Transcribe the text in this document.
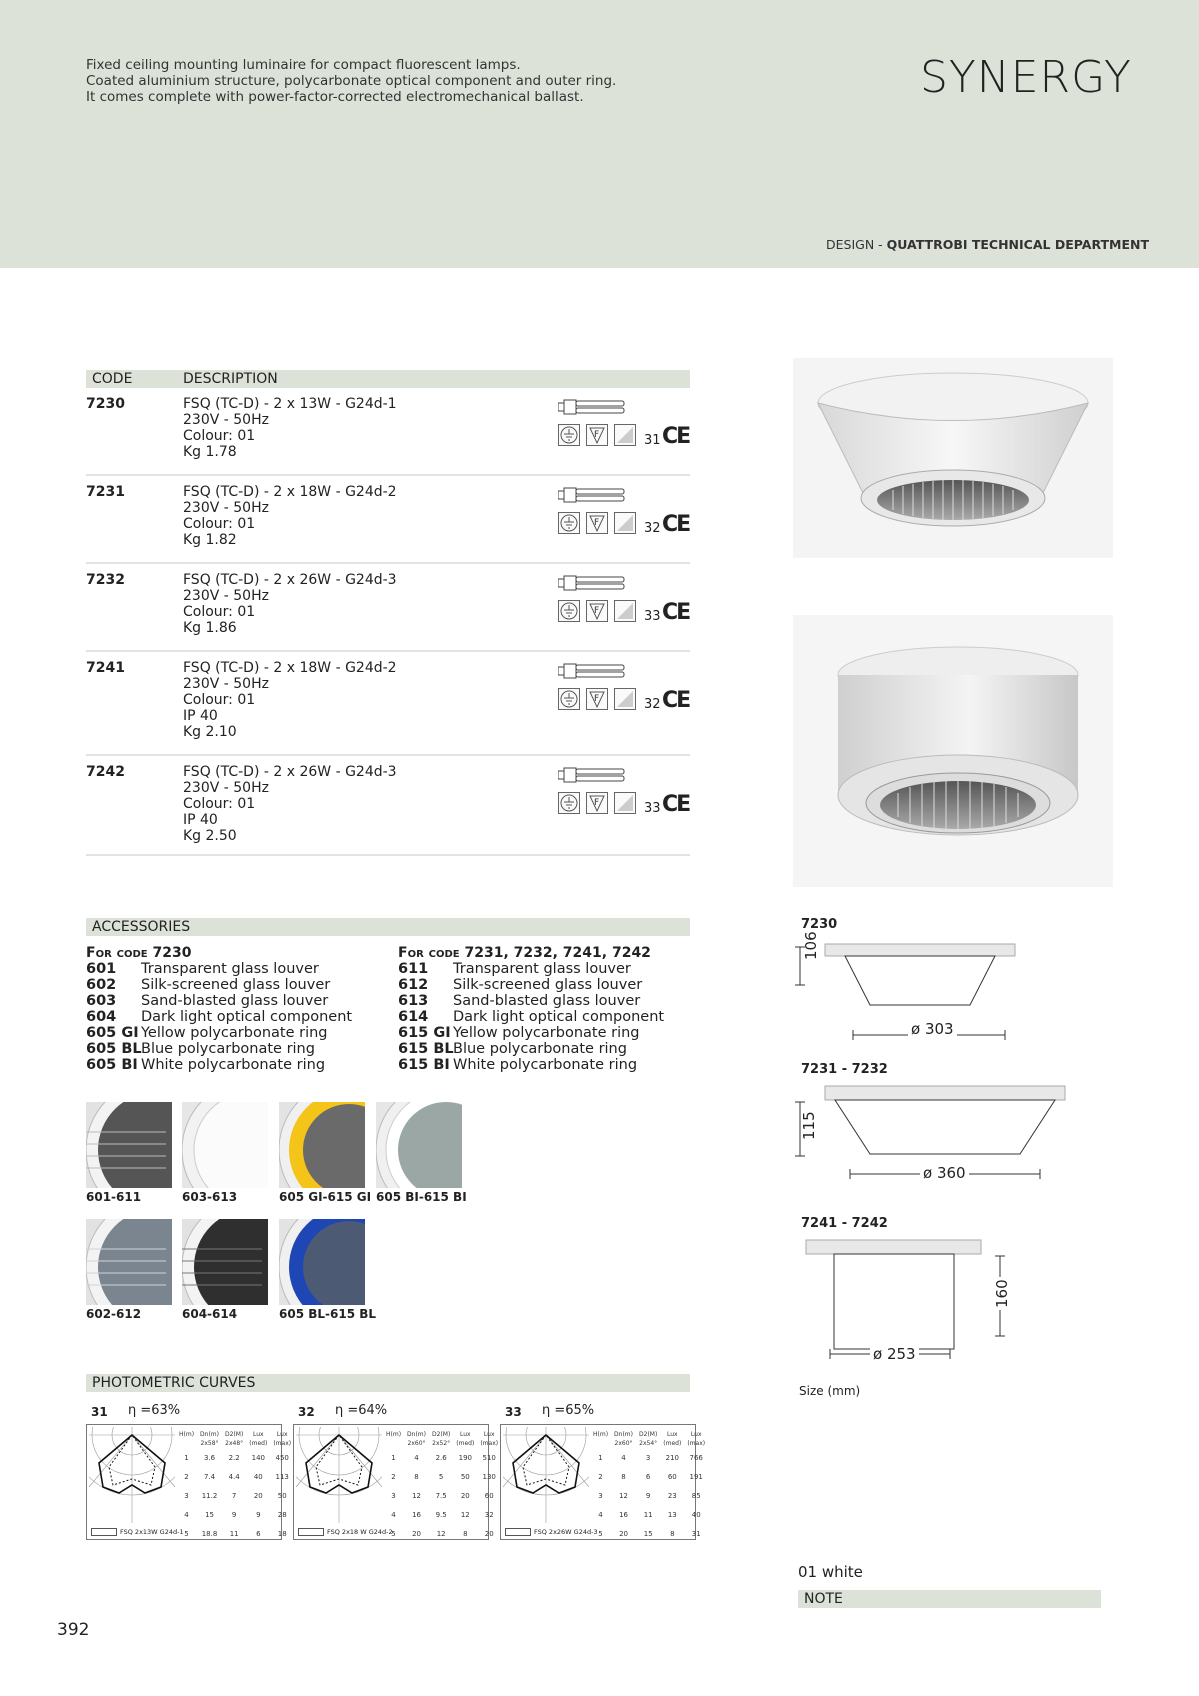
Fixed ceiling mounting luminaire for compact fluorescent lamps.
Coated aluminium structure, polycarbonate optical component and outer ring.
It comes complete with power-factor-corrected electromechanical ballast.	SYNERGY
DESIGN - QUATTROBI TECHNICAL DEPARTMENT
CODE	DESCRIPTION
7230	FSQ (TC-D) - 2 x 13W - G24d-1
230V - 50Hz
Colour: 01
Kg 1.78
F	31 CE
7231	FSQ (TC-D) - 2 x 18W - G24d-2
230V - 50Hz
Colour: 01
Kg 1.82
F	32 CE
7232	FSQ (TC-D) - 2 x 26W - G24d-3
230V - 50Hz
Colour: 01
Kg 1.86
F	33 CE
7241	FSQ (TC-D) - 2 x 18W - G24d-2
230V - 50Hz
Colour: 01
IP 40
Kg 2.10
F	32 CE
7242	FSQ (TC-D) - 2 x 26W - G24d-3
230V - 50Hz
Colour: 01
IP 40
Kg 2.50
F	33 CE
ACCESSORIES
For code 7230
601 Transparent glass louver
602 Silk-screened glass louver
603 Sand-blasted glass louver
604 Dark light optical component
605 GI Yellow polycarbonate ring
605 BLBlue polycarbonate ring
605 BI White polycarbonate ring
For code 7231, 7232, 7241, 7242
611 Transparent glass louver
612 Silk-screened glass louver
613 Sand-blasted glass louver
614 Dark light optical component
615 GI Yellow polycarbonate ring
615 BLBlue polycarbonate ring
615 BI White polycarbonate ring
601-611	603-613	605 GI-615 GI 605 BI-615 BI
602-612	604-614	605 BL-615 BL
7230
106
ø 303
7231 - 7232
115
ø 360
7241 - 7242
160
ø 253
Size (mm)
PHOTOMETRIC CURVES
31 η =63%
FSQ 2x13W G24d-1
H(m)	Dn(m)	D2(M)	Lux	Lux
	2x58°	2x48°	(med)	(max)
1	3.6	2.2	140	450
2	7.4	4.4	40	113
3	11.2	7	20	50
4	15	9	9	28
5	18.8	11	6	18
32 η =64%
FSQ 2x18 W G24d-2
H(m)	Dn(m)	D2(M)	Lux	Lux
	2x60°	2x52°	(med)	(max)
1	4	2.6	190	510
2	8	5	50	130
3	12	7.5	20	60
4	16	9.5	12	32
5	20	12	8	20
33 η =65%
FSQ 2x26W G24d-3
H(m)	Dn(m)	D2(M)	Lux	Lux
	2x60°	2x54°	(med)	(max)
1	4	3	210	766
2	8	6	60	191
3	12	9	23	85
4	16	11	13	40
5	20	15	8	31
01 white
NOTE
392
